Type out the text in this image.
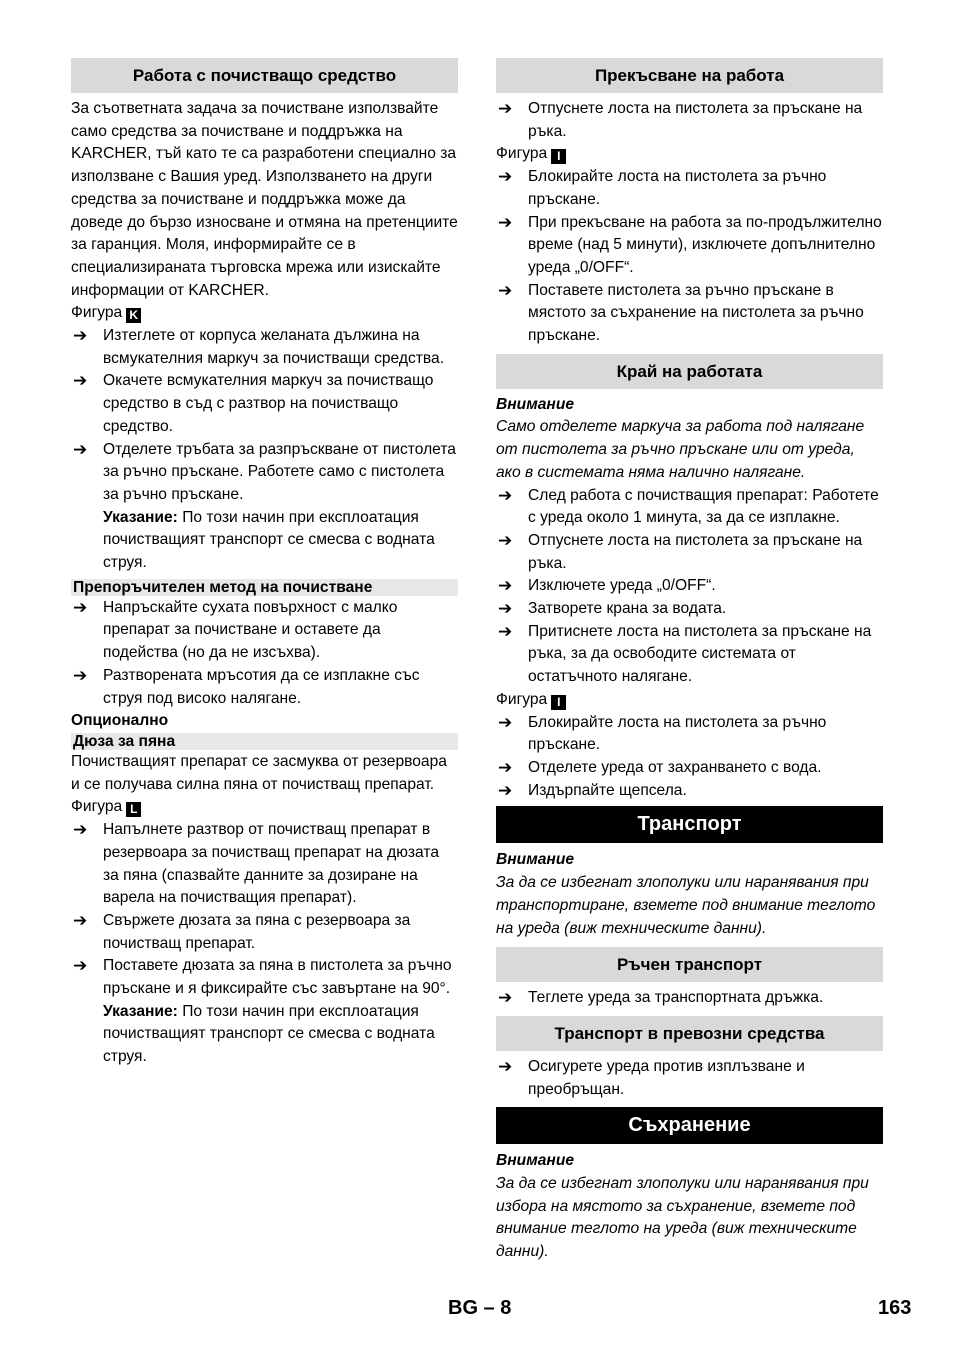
Работа с почистващо средство

За съответната задача за почистване използвайте само средства за почистване и поддръжка на KARCHER, тъй като те са разработени специално за използване с Вашия уред. Използването на други средства за почистване и поддръжка може да доведе до бързо износване и отмяна на претенциите за гаранция. Моля, информирайте се в специализираната търговска мрежа или изискайте информации от KARCHER.

Фигура K

➔ Изтеглете от корпуса желаната дължина на всмукателния маркуч за почистващи средства.
➔ Окачете всмукателния маркуч за почистващо средство в съд с разтвор на почистващо средство.
➔ Отделете тръбата за разпръскване от пистолета за ръчно пръскане. Работете само с пистолета за ръчно пръскане.
Указание: По този начин при експлоатация почистващият транспорт се смесва с водната струя.
Препоръчителен метод на почистване
➔ Напръскайте сухата повърхност с малко препарат за почистване и оставете да подейства (но да не изсъхва).
➔ Разтворената мръсотия да се изплакне със струя под високо налягане.

Опционално

Дюза за пяна

Почистващият препарат се засмуква от резервоара и се получава силна пяна от почистващ препарат.

Фигура L

➔ Напълнете разтвор от почистващ препарат в резервоара за почистващ препарат на дюзата за пяна (спазвайте данните за дозиране на варела на почистващия препарат).
➔ Свържете дюзата за пяна с резервоара за почистващ препарат.
➔ Поставете дюзата за пяна в пистолета за ръчно пръскане и я фиксирайте със завъртане на 90°.
Указание: По този начин при експлоатация почистващият транспорт се смесва с водната струя.
Прекъсване на работа
➔ Отпуснете лоста на пистолета за пръскане на ръка.

Фигура I

➔ Блокирайте лоста на пистолета за ръчно пръскане.
➔ При прекъсване на работа за по-продължително време (над 5 минути), изключете допълнително уреда „0/OFF“.
➔ Поставете пистолета за ръчно пръскане в мястото за съхранение на пистолета за ръчно пръскане.
Край на работата

Внимание

Само отделете маркуча за работа под налягане от пистолета за ръчно пръскане или от уреда, ако в системата няма налично налягане.

➔ След работа с почистващия препарат: Работете с уреда около 1 минута, за да се изплакне.
➔ Отпуснете лоста на пистолета за пръскане на ръка.
➔ Изключете уреда „0/OFF“.
➔ Затворете крана за водата.
➔ Притиснете лоста на пистолета за пръскане на ръка, за да освободите системата от остатъчното налягане.

Фигура I

➔ Блокирайте лоста на пистолета за ръчно пръскане.
➔ Отделете уреда от захранването с вода.
➔ Издърпайте щепсела.
Транспорт

Внимание

За да се избегнат злополуки или наранявания при транспортиране, вземете под внимание теглото на уреда (виж техническите данни).

Ръчен транспорт
➔ Теглете уреда за транспортната дръжка.
Транспорт в превозни средства
➔ Осигурете уреда против изплъзване и преобръщан.
Съхранение

Внимание

За да се избегнат злополуки или наранявания при избора на мястото за съхранение, вземете под внимание теглото на уреда (виж техническите данни).

BG – 8	163
